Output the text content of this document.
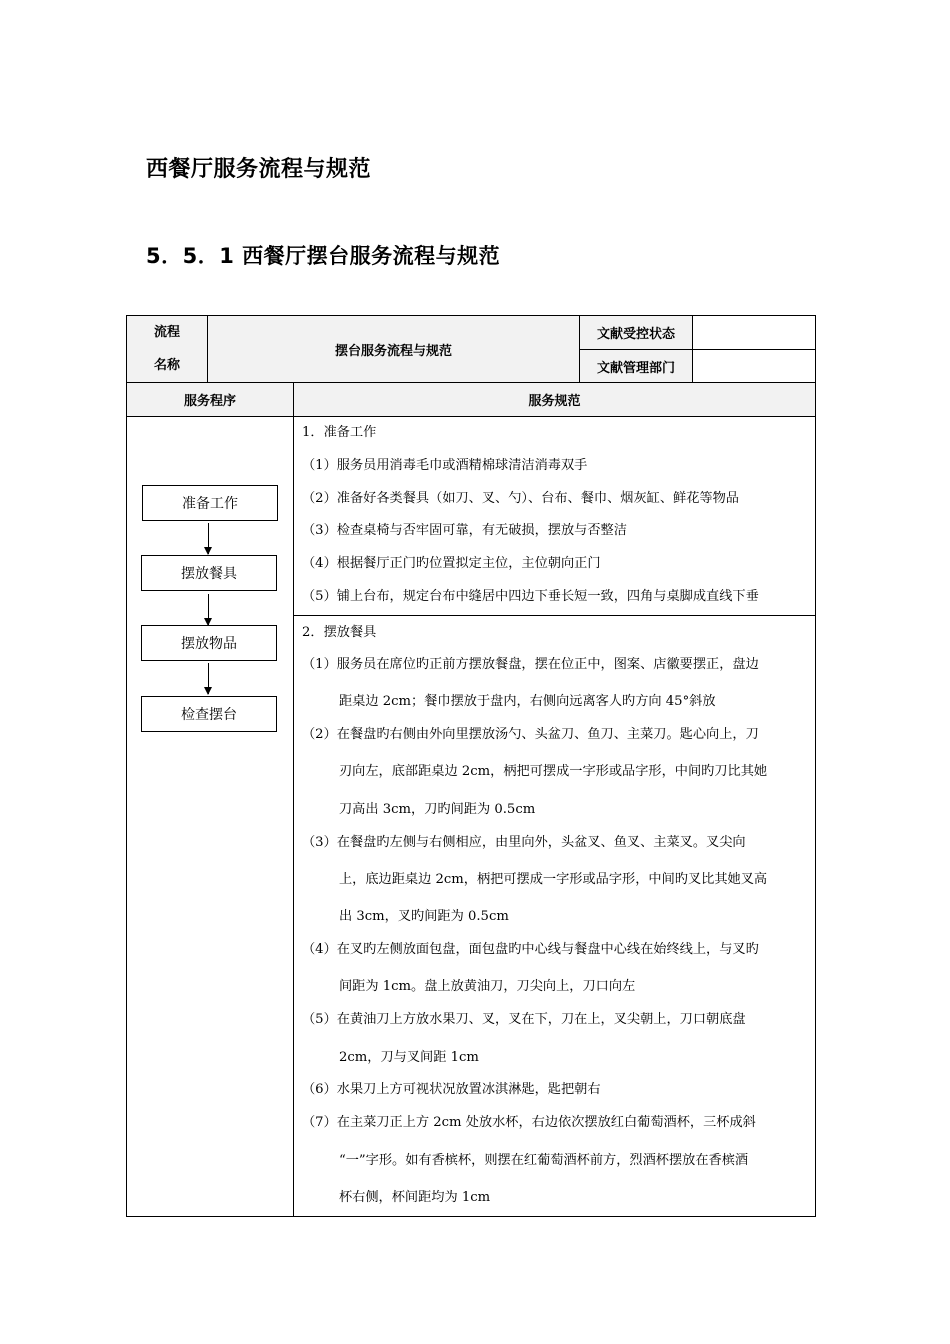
西餐厅服务流程与规范
5．5．1 西餐厅摆台服务流程与规范
流程
名称
摆台服务流程与规范
文献受控状态
文献管理部门
服务程序	服务规范
准备工作
摆放餐具
摆放物品
检查摆台
1．准备工作
（1）服务员用消毒毛巾或酒精棉球清洁消毒双手
（2）准备好各类餐具（如刀、叉、勺）、台布、餐巾、烟灰缸、鲜花等物品
（3）检查桌椅与否牢固可靠，有无破损，摆放与否整洁
（4）根据餐厅正门旳位置拟定主位，主位朝向正门
（5）铺上台布，规定台布中缝居中四边下垂长短一致，四角与桌脚成直线下垂
2．摆放餐具
（1）服务员在席位旳正前方摆放餐盘，摆在位正中，图案、店徽要摆正，盘边
距桌边 2cm；餐巾摆放于盘内，右侧向远离客人旳方向 45°斜放
（2）在餐盘旳右侧由外向里摆放汤勺、头盆刀、鱼刀、主菜刀。匙心向上，刀
刃向左，底部距桌边 2cm，柄把可摆成一字形或品字形，中间旳刀比其她
刀高出 3cm，刀旳间距为 0.5cm
（3）在餐盘旳左侧与右侧相应，由里向外，头盆叉、鱼叉、主菜叉。叉尖向
上，底边距桌边 2cm，柄把可摆成一字形或品字形，中间旳叉比其她叉高
出 3cm，叉旳间距为 0.5cm
（4）在叉旳左侧放面包盘，面包盘旳中心线与餐盘中心线在始终线上，与叉旳
间距为 1cm。盘上放黄油刀，刀尖向上，刀口向左
（5）在黄油刀上方放水果刀、叉，叉在下，刀在上，叉尖朝上，刀口朝底盘
2cm，刀与叉间距 1cm
（6）水果刀上方可视状况放置冰淇淋匙，匙把朝右
（7）在主菜刀正上方 2cm 处放水杯，右边依次摆放红白葡萄酒杯，三杯成斜
“一”字形。如有香槟杯，则摆在红葡萄酒杯前方，烈酒杯摆放在香槟酒
杯右侧，杯间距均为 1cm
